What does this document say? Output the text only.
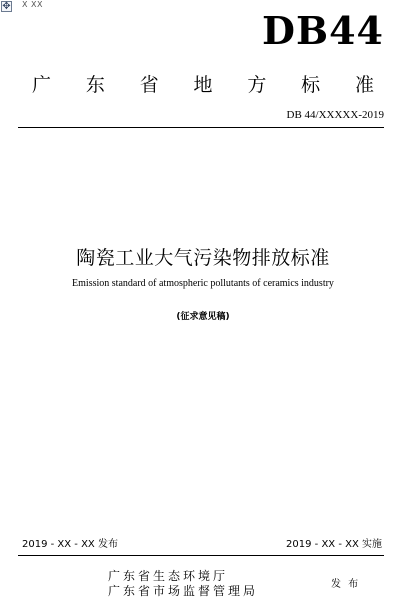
✥ X XX
DB44
广 东 省 地 方 标 准
DB 44/XXXXX-2019
陶瓷工业大气污染物排放标准
Emission standard of atmospheric pollutants of ceramics industry
(征求意见稿)
2019 - XX - XX 发布	2019 - XX - XX 实施
广东省生态环境厅
广东省市场监督管理局	发 布
